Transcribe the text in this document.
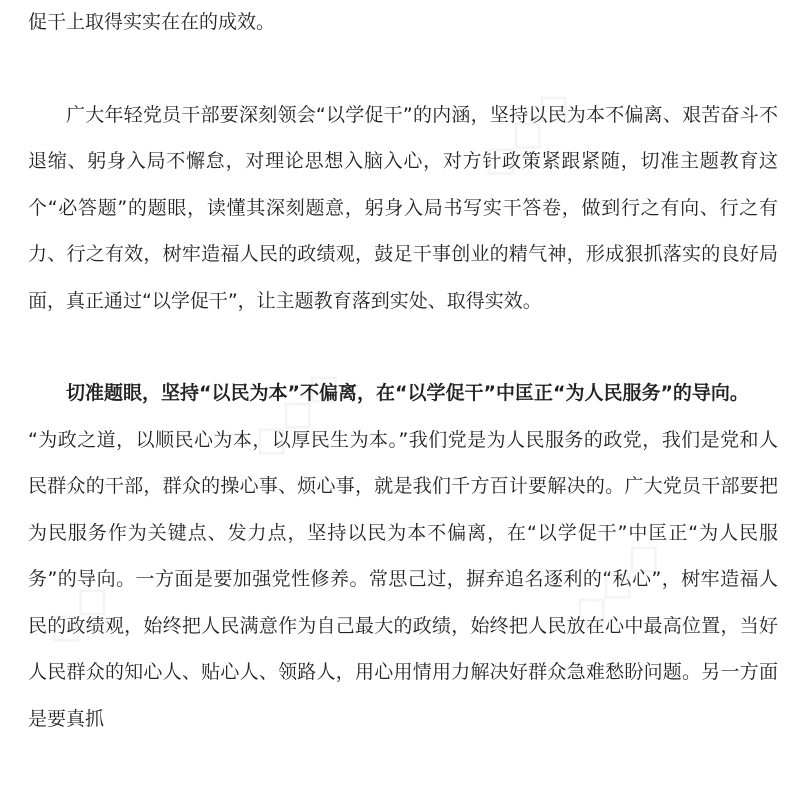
促干上取得实实在在的成效。

广大年轻党员干部要深刻领会“以学促干”的内涵，坚持以民为本不偏离、艰苦奋斗不退缩、躬身入局不懈怠，对理论思想入脑入心，对方针政策紧跟紧随，切准主题教育这个“必答题”的题眼，读懂其深刻题意，躬身入局书写实干答卷，做到行之有向、行之有力、行之有效，树牢造福人民的政绩观，鼓足干事创业的精气神，形成狠抓落实的良好局面，真正通过“以学促干”，让主题教育落到实处、取得实效。

切准题眼，坚持“以民为本”不偏离，在“以学促干”中匡正“为人民服务”的导向。

“为政之道，以顺民心为本，以厚民生为本。”我们党是为人民服务的政党，我们是党和人民群众的干部，群众的操心事、烦心事，就是我们千方百计要解决的。广大党员干部要把为民服务作为关键点、发力点，坚持以民为本不偏离，在“以学促干”中匡正“为人民服务”的导向。一方面是要加强党性修养。常思己过，摒弃追名逐利的“私心”，树牢造福人民的政绩观，始终把人民满意作为自己最大的政绩，始终把人民放在心中最高位置，当好人民群众的知心人、贴心人、领路人，用心用情用力解决好群众急难愁盼问题。另一方面是要真抓

◇◇◇
◇◇◇
◇◇◇
◇◇
